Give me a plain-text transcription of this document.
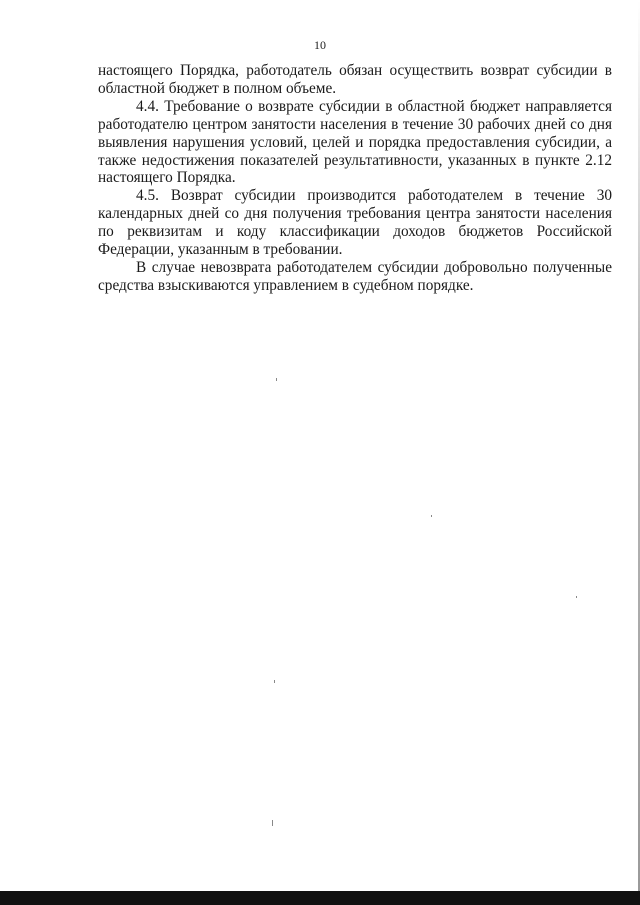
10

настоящего Порядка, работодатель обязан осуществить возврат субсидии в областной бюджет в полном объеме.

4.4. Требование о возврате субсидии в областной бюджет направляется работодателю центром занятости населения в течение 30 рабочих дней со дня выявления нарушения условий, целей и порядка предоставления субсидии, а также недостижения показателей результативности, указанных в пункте 2.12 настоящего Порядка.

4.5. Возврат субсидии производится работодателем в течение 30 календарных дней со дня получения требования центра занятости населения по реквизитам и коду классификации доходов бюджетов Российской Федерации, указанным в требовании.

В случае невозврата работодателем субсидии добровольно полученные средства взыскиваются управлением в судебном порядке.
